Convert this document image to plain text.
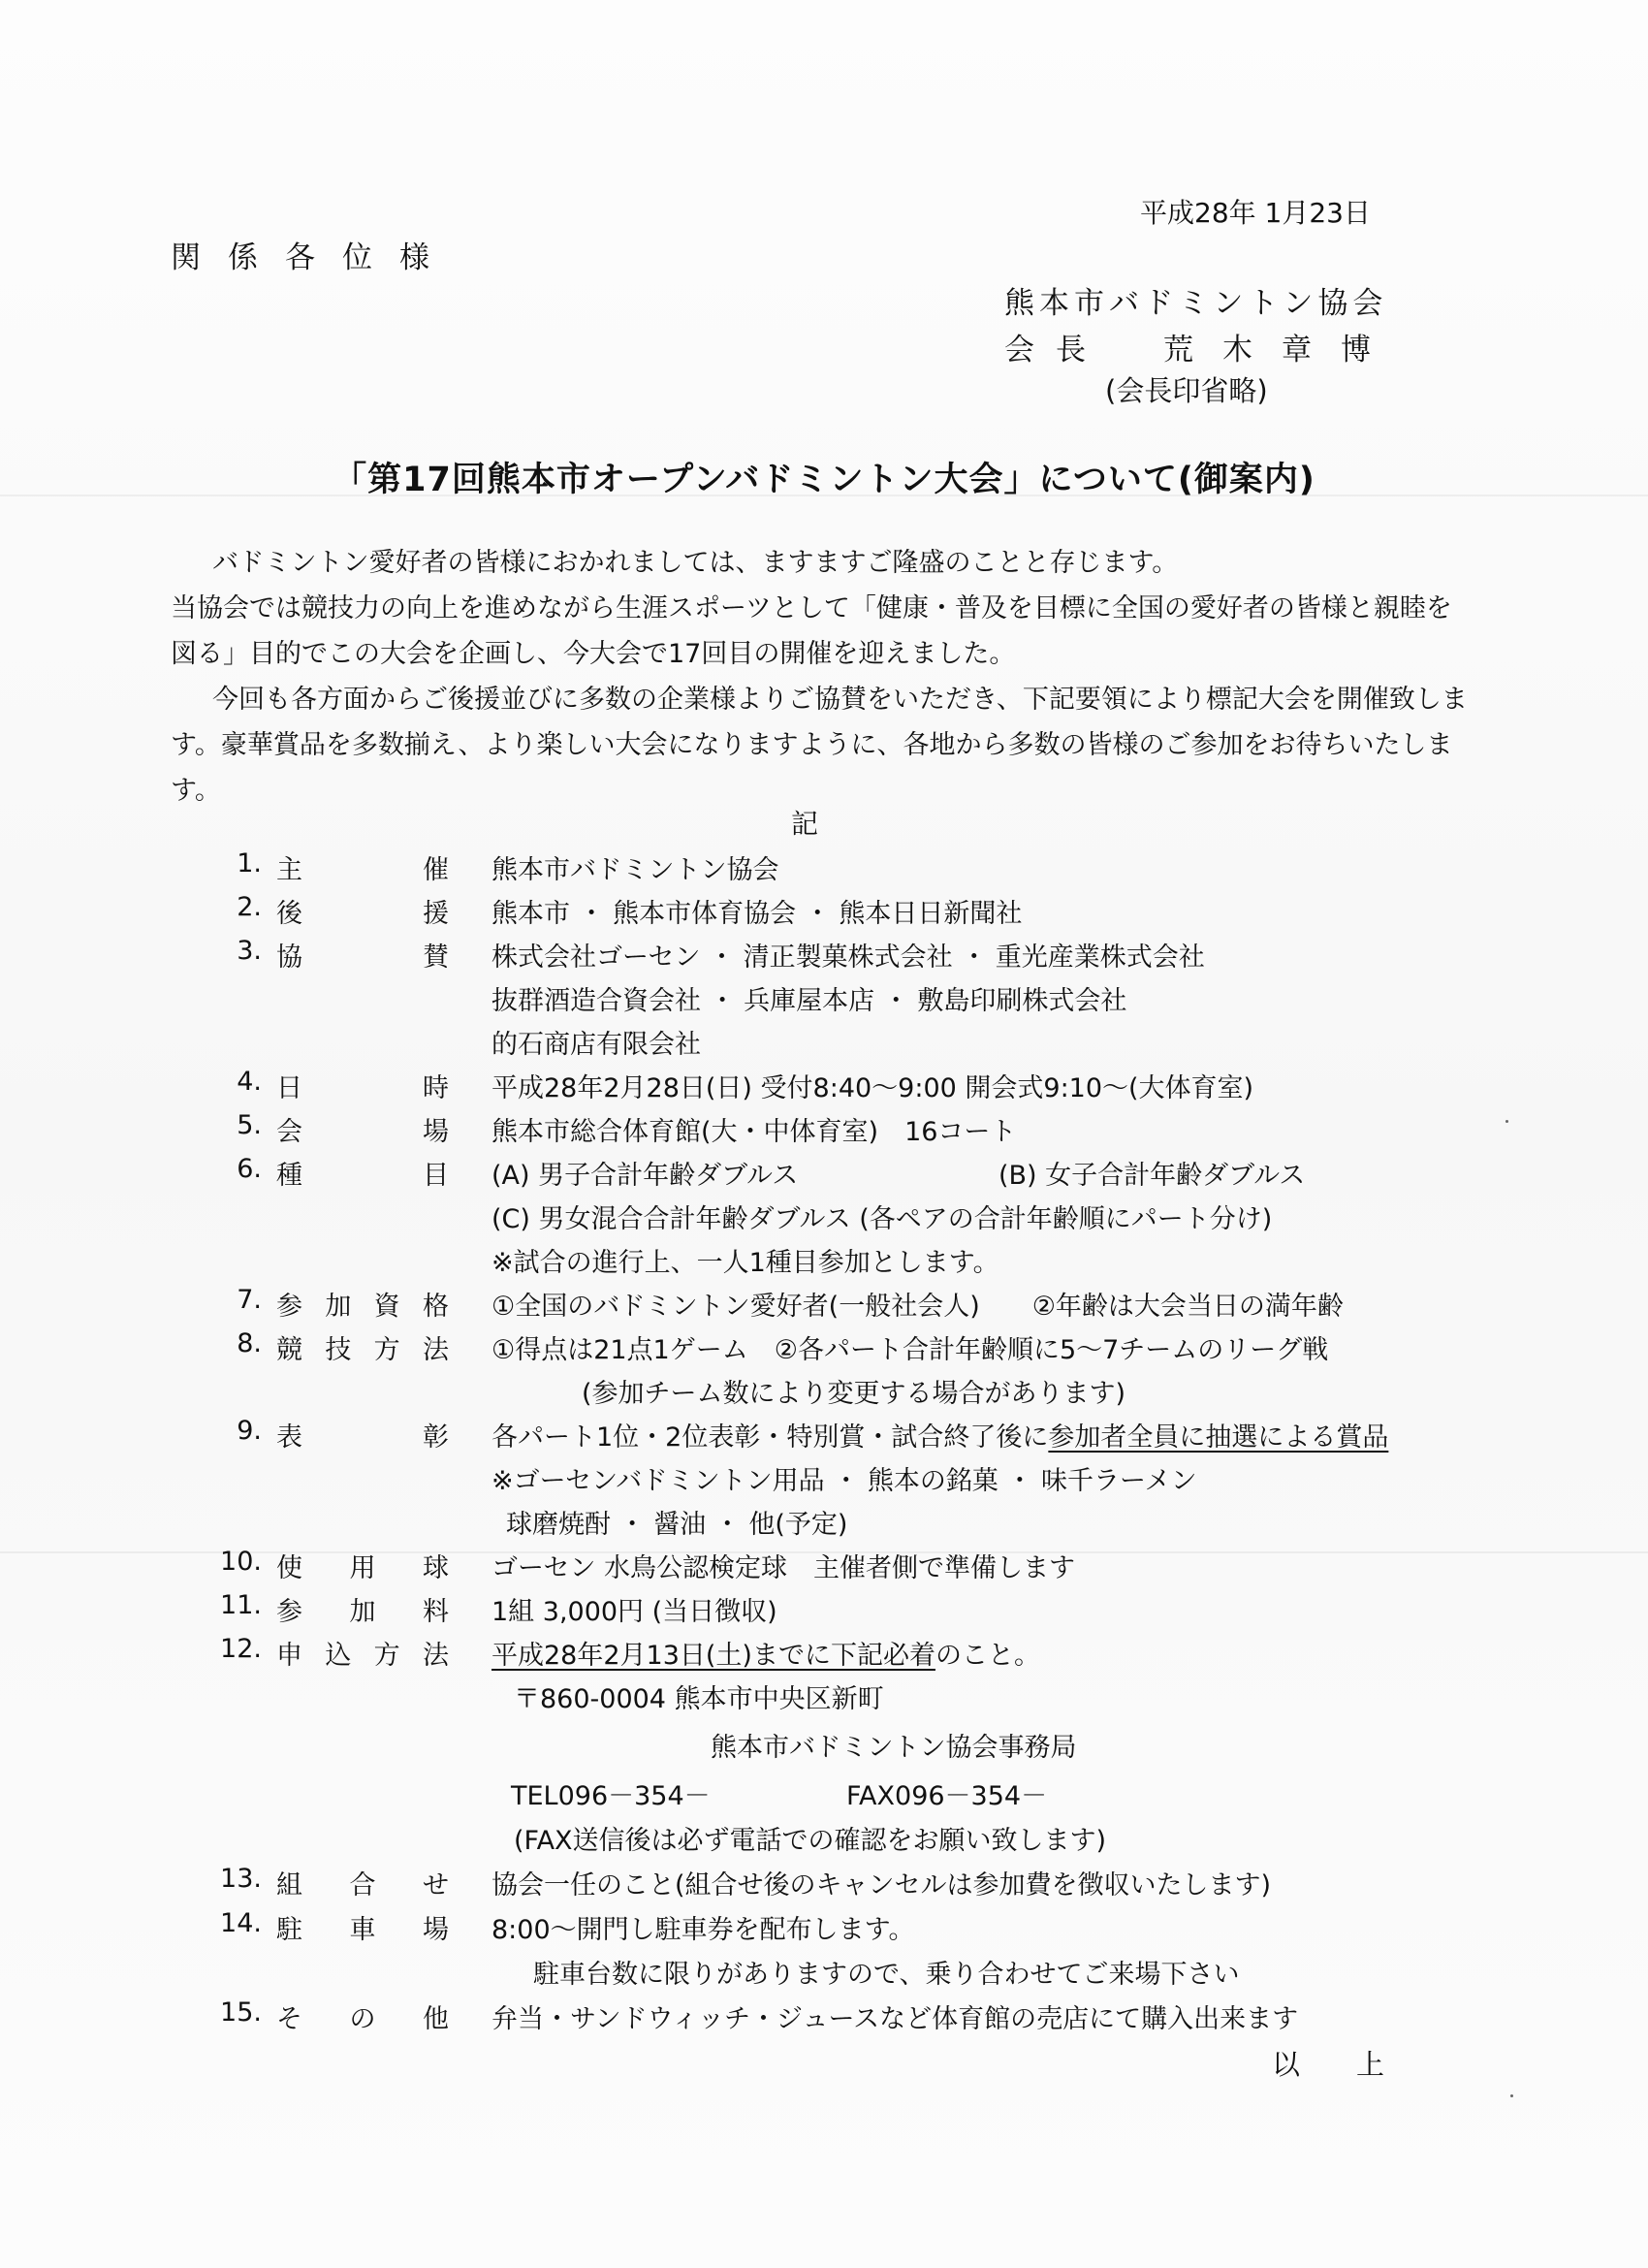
平成28年 1月23日
関係各位様
熊本市バドミントン協会
会長 荒木章博
(会長印省略)
「第17回熊本市オープンバドミントン大会」について(御案内)

バドミントン愛好者の皆様におかれましては、ますますご隆盛のことと存じます。

当協会では競技力の向上を進めながら生涯スポーツとして「健康・普及を目標に全国の愛好者の皆様と親睦を図る」目的でこの大会を企画し、今大会で17回目の開催を迎えました。

今回も各方面からご後援並びに多数の企業様よりご協賛をいただき、下記要領により標記大会を開催致します。豪華賞品を多数揃え、より楽しい大会になりますように、各地から多数の皆様のご参加をお待ちいたします。

記
1. 主	催 熊本市バドミントン協会
2. 後	援 熊本市 ・ 熊本市体育協会 ・ 熊本日日新聞社
3. 協	賛 株式会社ゴーセン ・ 清正製菓株式会社 ・ 重光産業株式会社
抜群酒造合資会社 ・ 兵庫屋本店 ・ 敷島印刷株式会社
的石商店有限会社
4. 日	時 平成28年2月28日(日) 受付8:40～9:00 開会式9:10～(大体育室)
5. 会	場 熊本市総合体育館(大・中体育室)　16コート
6. 種	目 (A) 男子合計年齢ダブルス	(B) 女子合計年齢ダブルス
(C) 男女混合合計年齢ダブルス (各ペアの合計年齢順にパート分け)
※試合の進行上、一人1種目参加とします。
7. 参 加 資 格 ①全国のバドミントン愛好者(一般社会人)　　②年齢は大会当日の満年齢
8. 競 技 方 法 ①得点は21点1ゲーム　②各パート合計年齢順に5～7チームのリーグ戦
(参加チーム数により変更する場合があります)
9. 表	彰 各パート1位・2位表彰・特別賞・試合終了後に参加者全員に抽選による賞品
※ゴーセンバドミントン用品 ・ 熊本の銘菓 ・ 味千ラーメン
球磨焼酎 ・ 醤油 ・ 他(予定)
10. 使 用 球 ゴーセン 水鳥公認検定球　主催者側で準備します
11. 参 加 料 1組 3,000円 (当日徴収)
12. 申 込 方 法 平成28年2月13日(土)までに下記必着のこと。
〒860-0004 熊本市中央区新町
熊本市バドミントン協会事務局
TEL096－354－	FAX096－354－
(FAX送信後は必ず電話での確認をお願い致します)
13. 組 合 せ 協会一任のこと(組合せ後のキャンセルは参加費を徴収いたします)
14. 駐 車 場 8:00～開門し駐車券を配布します。
駐車台数に限りがありますので、乗り合わせてご来場下さい
15. そ の 他 弁当・サンドウィッチ・ジュースなど体育館の売店にて購入出来ます
以上
